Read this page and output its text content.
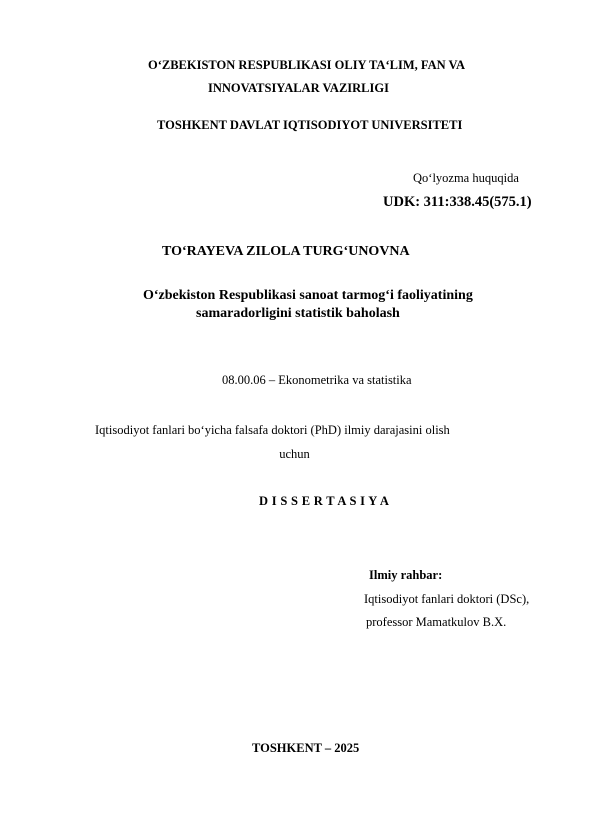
O‘ZBEKISTON RESPUBLIKASI OLIY TA‘LIM, FAN VA
INNOVATSIYALAR VAZIRLIGI
TOSHKENT DAVLAT IQTISODIYOT UNIVERSITETI
Qo‘lyozma huquqida
UDK: 311:338.45(575.1)
TO‘RAYEVA ZILOLA TURG‘UNOVNA
O‘zbekiston Respublikasi sanoat tarmog‘i faoliyatining
samaradorligini statistik baholash
08.00.06 – Ekonometrika va statistika
Iqtisodiyot fanlari bo‘yicha falsafa doktori (PhD) ilmiy darajasini olish
uchun
D I S S E R T A S I Y A
Ilmiy rahbar:
Iqtisodiyot fanlari doktori (DSc),
professor Mamatkulov B.X.
TOSHKENT – 2025
